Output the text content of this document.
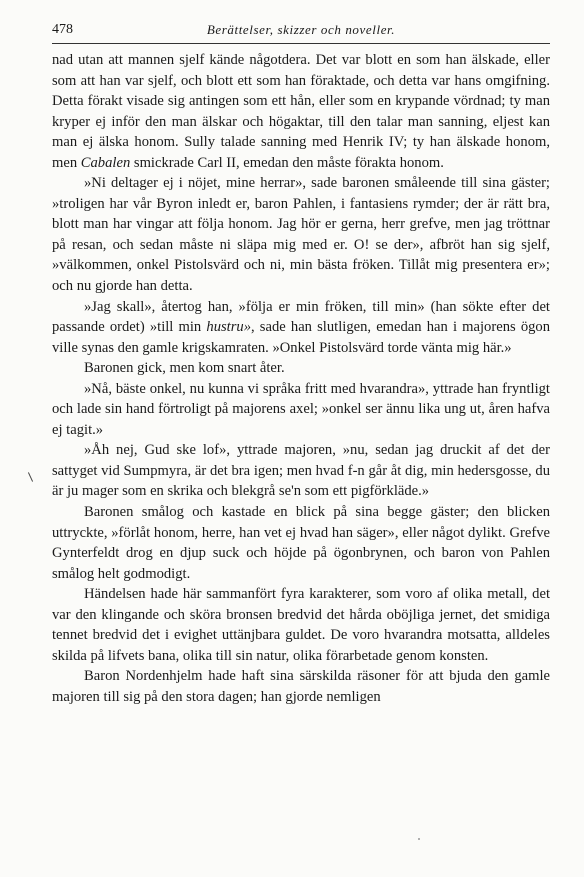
478	Berättelser, skizzer och noveller.

nad utan att mannen sjelf kände någotdera. Det var blott en som han älskade, eller som att han var sjelf, och blott ett som han föraktade, och detta var hans omgifning. Detta förakt visade sig antingen som ett hån, eller som en krypande vördnad; ty man kryper ej inför den man älskar och högaktar, till den talar man sanning, eljest kan man ej älska honom. Sully talade sanning med Henrik IV; ty han älskade honom, men Cabalen smickrade Carl II, emedan den måste förakta honom.

»Ni deltager ej i nöjet, mine herrar», sade baronen småleende till sina gäster; »troligen har vår Byron inledt er, baron Pahlen, i fantasiens rymder; der är rätt bra, blott man har vingar att följa honom. Jag hör er gerna, herr grefve, men jag tröttnar på resan, och sedan måste ni släpa mig med er. O! se der», afbröt han sig sjelf, »välkommen, onkel Pistolsvärd och ni, min bästa fröken. Tillåt mig presentera er»; och nu gjorde han detta.

»Jag skall», återtog han, »följa er min fröken, till min» (han sökte efter det passande ordet) »till min hustru», sade han slutligen, emedan han i majorens ögon ville synas den gamle krigskamraten. »Onkel Pistolsvärd torde vänta mig här.»

Baronen gick, men kom snart åter.

»Nå, bäste onkel, nu kunna vi språka fritt med hvarandra», yttrade han fryntligt och lade sin hand förtroligt på majorens axel; »onkel ser ännu lika ung ut, åren hafva ej tagit.»

»Åh nej, Gud ske lof», yttrade majoren, »nu, sedan jag druckit af det der sattyget vid Sumpmyra, är det bra igen; men hvad f-n går åt dig, min hedersgosse, du är ju mager som en skrika och blekgrå se'n som ett pigförkläde.»

Baronen smålog och kastade en blick på sina begge gäster; den blicken uttryckte, »förlåt honom, herre, han vet ej hvad han säger», eller något dylikt. Grefve Gynterfeldt drog en djup suck och höjde på ögonbrynen, och baron von Pahlen smålog helt godmodigt.

Händelsen hade här sammanfört fyra karakterer, som voro af olika metall, det var den klingande och sköra bronsen bredvid det hårda oböjliga jernet, det smidiga tennet bredvid det i evighet uttänjbara guldet. De voro hvarandra motsatta, alldeles skilda på lifvets bana, olika till sin natur, olika förarbetade genom konsten.

Baron Nordenhjelm hade haft sina särskilda räsoner för att bjuda den gamle majoren till sig på den stora dagen; han gjorde nemligen
